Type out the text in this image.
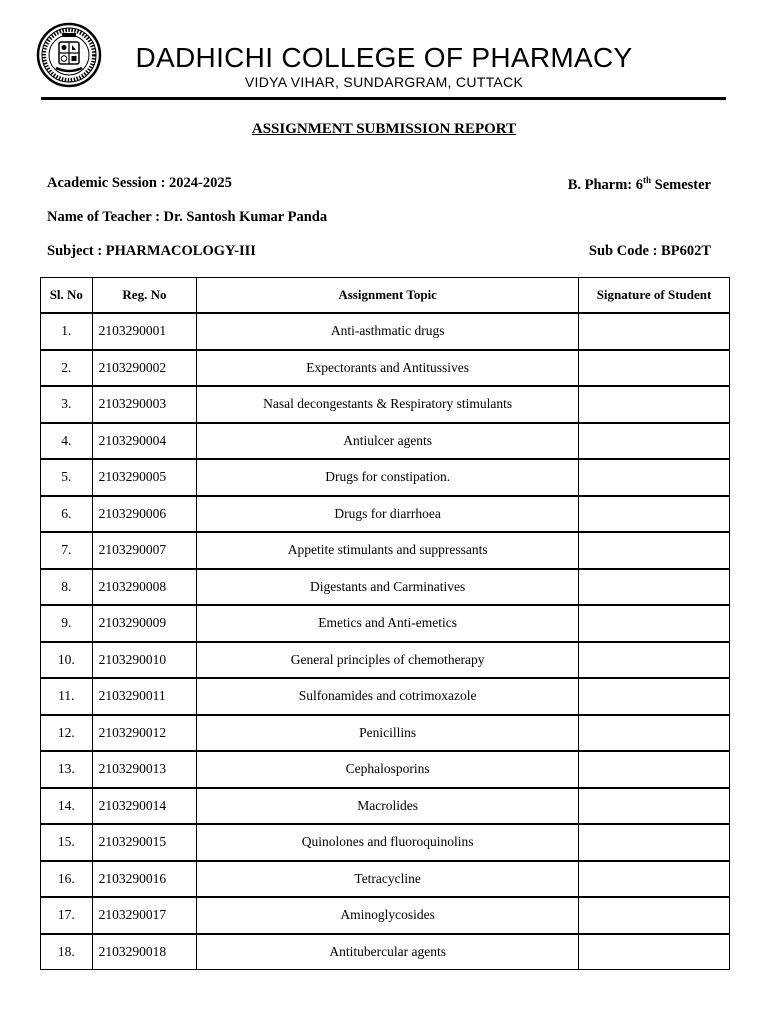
DADHICHI COLLEGE OF PHARMACY
VIDYA VIHAR, SUNDARGRAM, CUTTACK
ASSIGNMENT SUBMISSION REPORT
Academic Session : 2024-2025	B. Pharm: 6th Semester
Name of Teacher : Dr. Santosh Kumar Panda
Subject : PHARMACOLOGY-III	Sub Code : BP602T
Sl. No	Reg. No	Assignment Topic	Signature of Student
1.	2103290001	Anti-asthmatic drugs	
2.	2103290002	Expectorants and Antitussives	
3.	2103290003	Nasal decongestants & Respiratory stimulants	
4.	2103290004	Antiulcer agents	
5.	2103290005	Drugs for constipation.	
6.	2103290006	Drugs for diarrhoea	
7.	2103290007	Appetite stimulants and suppressants	
8.	2103290008	Digestants and Carminatives	
9.	2103290009	Emetics and Anti-emetics	
10.	2103290010	General principles of chemotherapy	
11.	2103290011	Sulfonamides and cotrimoxazole	
12.	2103290012	Penicillins	
13.	2103290013	Cephalosporins	
14.	2103290014	Macrolides	
15.	2103290015	Quinolones and fluoroquinolins	
16.	2103290016	Tetracycline	
17.	2103290017	Aminoglycosides	
18.	2103290018	Antitubercular agents	
